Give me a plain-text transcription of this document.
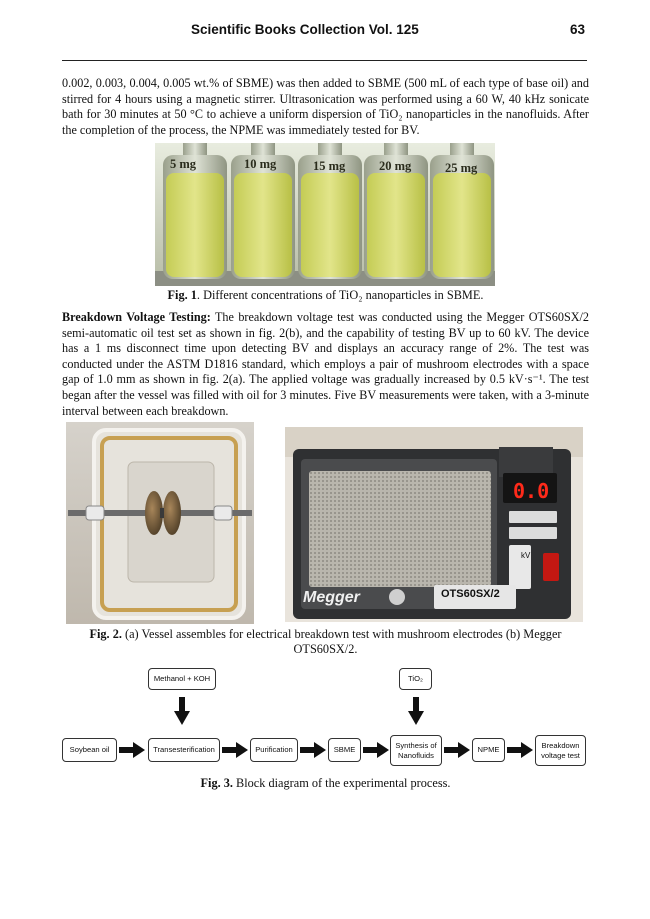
Scientific Books Collection Vol. 125	63

0.002, 0.003, 0.004, 0.005 wt.% of SBME) was then added to SBME (500 mL of each type of base oil) and stirred for 4 hours using a magnetic stirrer. Ultrasonication was performed using a 60 W, 40 kHz sonicate bath for 30 minutes at 50 °C to achieve a uniform dispersion of TiO₂ nanoparticles in the nanofluids. After the completion of the process, the NPME was immediately tested for BV.

5 mg	10 mg	15 mg	20 mg	25 mg
Fig. 1. Different concentrations of TiO₂ nanoparticles in SBME.

Breakdown Voltage Testing: The breakdown voltage test was conducted using the Megger OTS60SX/2 semi-automatic oil test set as shown in fig. 2(b), and the capability of testing BV up to 60 kV. The device has a 1 ms disconnect time upon detecting BV and displays an accuracy range of 2%. The test was conducted under the ASTM D1816 standard, which employs a pair of mushroom electrodes with a space gap of 1.0 mm as shown in fig. 2(a). The applied voltage was gradually increased by 0.5 kV·s⁻¹. The test began after the vessel was filled with oil for 3 minutes. Five BV measurements were taken, with a 3-minute interval between each breakdown.

0.0
Megger	OTS60SX/2
kV
Fig. 2. (a) Vessel assembles for electrical breakdown test with mushroom electrodes (b) Megger
OTS60SX/2.
Methanol + KOH	TiO₂
Soybean oil	Transesterification	Purification	SBME	Synthesis of Nanofluids
NPME	Breakdown voltage test
Fig. 3. Block diagram of the experimental process.
